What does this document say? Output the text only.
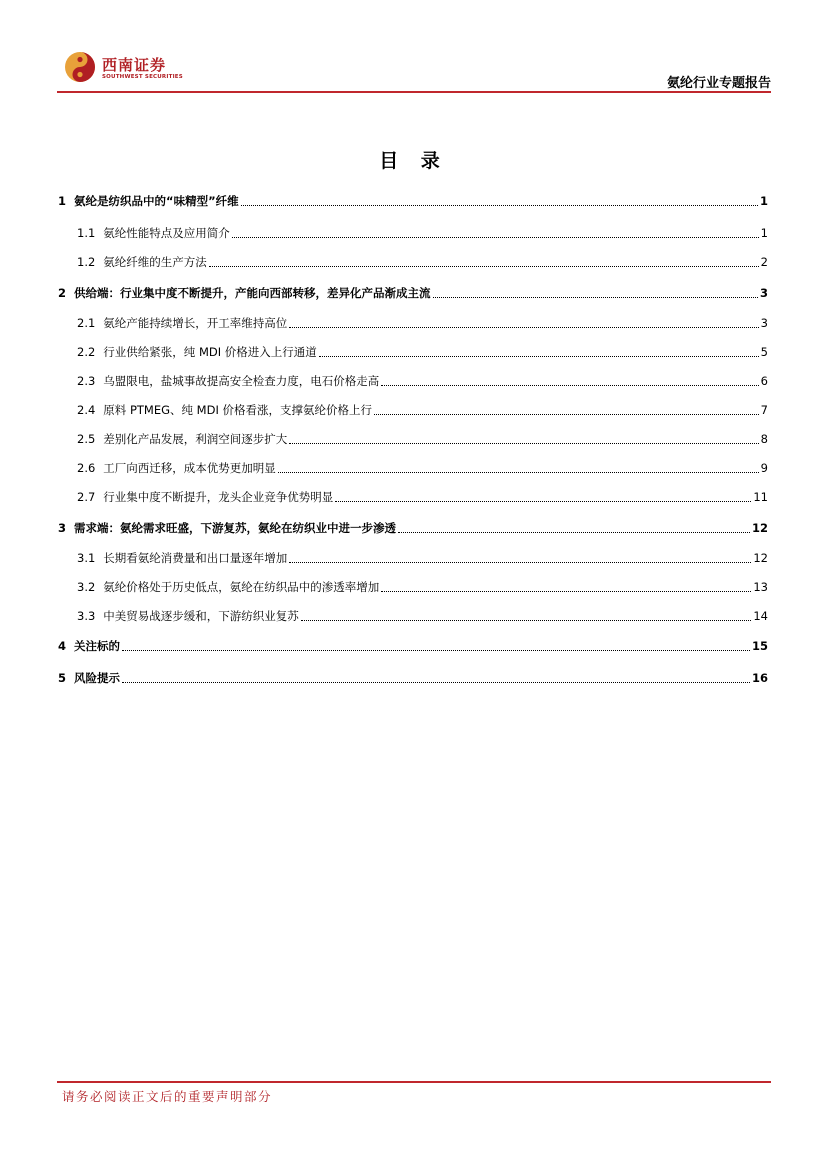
西南证券
SOUTHWEST SECURITIES	氨纶行业专题报告
目 录
1 氨纶是纺织品中的“味精型”纤维	1
1.1 氨纶性能特点及应用简介	1
1.2 氨纶纤维的生产方法	2
2 供给端：行业集中度不断提升，产能向西部转移，差异化产品渐成主流	3
2.1 氨纶产能持续增长，开工率维持高位	3
2.2 行业供给紧张，纯 MDI 价格进入上行通道	5
2.3 乌盟限电，盐城事故提高安全检查力度，电石价格走高	6
2.4 原料 PTMEG、纯 MDI 价格看涨，支撑氨纶价格上行	7
2.5 差别化产品发展，利润空间逐步扩大	8
2.6 工厂向西迁移，成本优势更加明显	9
2.7 行业集中度不断提升，龙头企业竞争优势明显	11
3 需求端：氨纶需求旺盛，下游复苏，氨纶在纺织业中进一步渗透	12
3.1 长期看氨纶消费量和出口量逐年增加	12
3.2 氨纶价格处于历史低点，氨纶在纺织品中的渗透率增加	13
3.3 中美贸易战逐步缓和，下游纺织业复苏	14
4 关注标的	15
5 风险提示	16
请务必阅读正文后的重要声明部分
